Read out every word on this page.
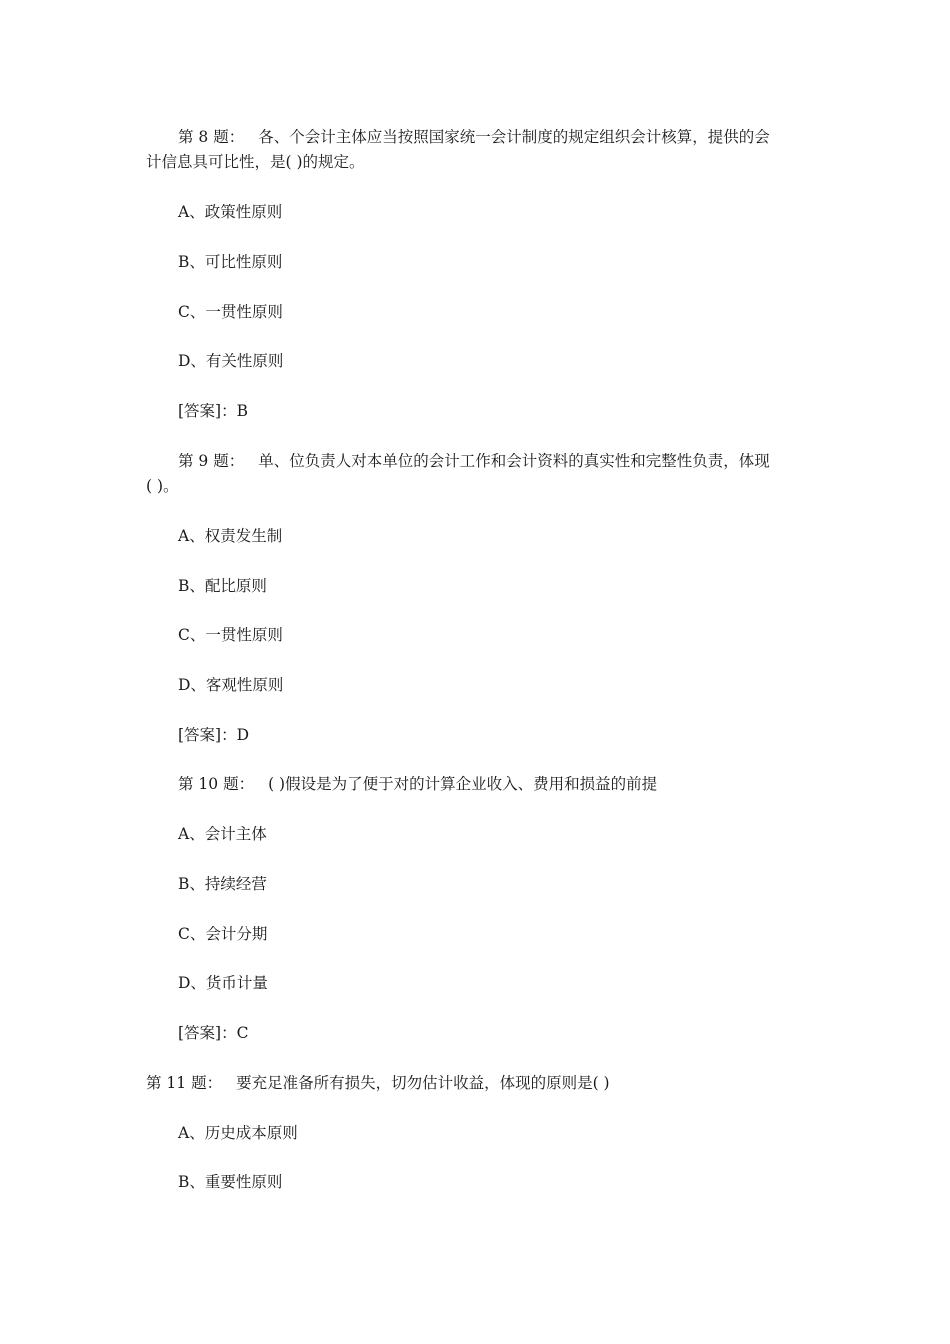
第 8 题： 各、个会计主体应当按照国家统一会计制度的规定组织会计核算，提供的会
计信息具可比性，是( )的规定。
A、政策性原则
B、可比性原则
C、一贯性原则
D、有关性原则
[答案]：B
第 9 题： 单、位负责人对本单位的会计工作和会计资料的真实性和完整性负责，体现
( )。
A、权责发生制
B、配比原则
C、一贯性原则
D、客观性原则
[答案]：D
第 10 题： ( )假设是为了便于对的计算企业收入、费用和损益的前提
A、会计主体
B、持续经营
C、会计分期
D、货币计量
[答案]：C
第 11 题： 要充足准备所有损失，切勿估计收益，体现的原则是( )
A、历史成本原则
B、重要性原则
